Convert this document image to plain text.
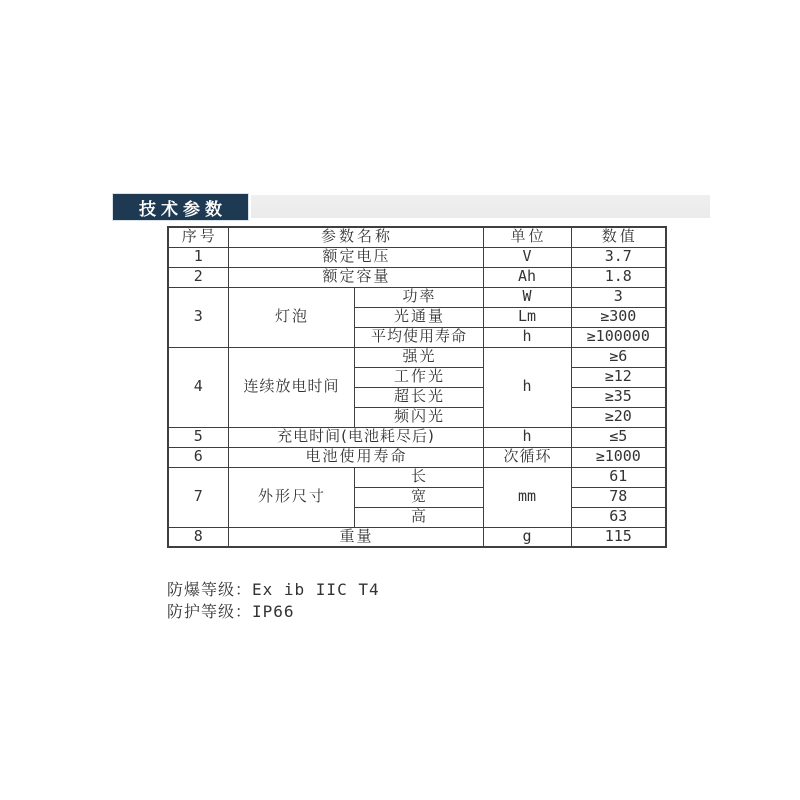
技术参数
序号	参数名称		单位	数值
1	额定电压		V	3.7
2	额定容量		Ah	1.8
3	灯泡	功率	W	3
		光通量	Lm	≥300
		平均使用寿命	h	≥100000
4	连续放电时间	强光	h	≥6
		工作光		≥12
		超长光		≥35
		频闪光		≥20
5	充电时间(电池耗尽后)		h	≤5
6	电池使用寿命		次循环	≥1000
7	外形尺寸	长	mm	61
		宽		78
		高		63
8	重量		g	115
防爆等级：Ex ib IIC T4
防护等级：IP66
